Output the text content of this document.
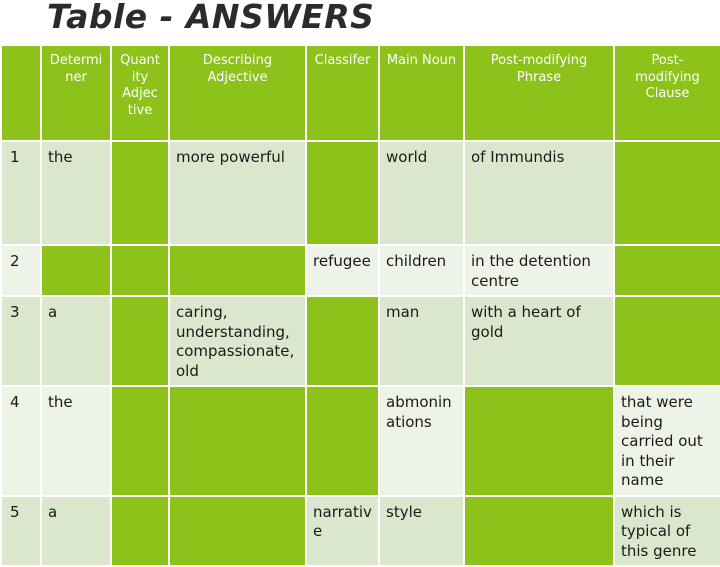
Table - ANSWERS
	Determi ner	Quant ity Adjec tive	Describing Adjective	Classifer	Main Noun	Post-modifying Phrase	Post- modifying Clause
1	the		more powerful		world	of Immundis	
2				refugee	children	in the detention centre	
3	a		caring, understanding, compassionate, old		man	with a heart of gold	
4	the				abmonin ations		that were being carried out in their name
5	a			narrativ e	style		which is typical of this genre
